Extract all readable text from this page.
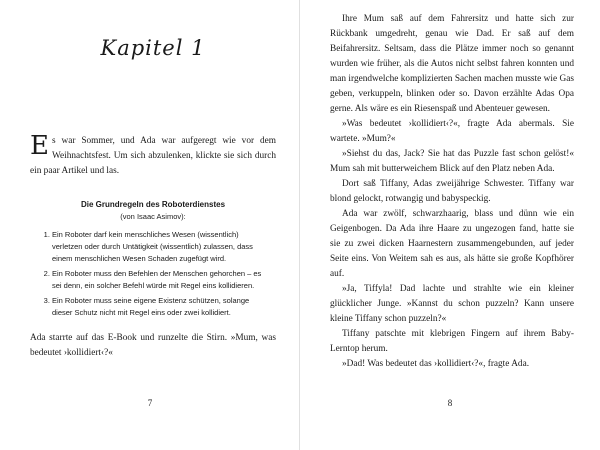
Kapitel 1

Es war Sommer, und Ada war aufgeregt wie vor dem Weihnachtsfest. Um sich abzulenken, klickte sie sich durch ein paar Artikel und las.

Die Grundregeln des Roboterdienstes
(von Isaac Asimov):
1. Ein Roboter darf kein menschliches Wesen (wissentlich) verletzen oder durch Untätigkeit (wissentlich) zulassen, dass einem menschlichen Wesen Schaden zugefügt wird.
2. Ein Roboter muss den Befehlen der Menschen gehorchen – es sei denn, ein solcher Befehl würde mit Regel eins kollidieren.
3. Ein Roboter muss seine eigene Existenz schützen, solange dieser Schutz nicht mit Regel eins oder zwei kollidiert.

Ada starrte auf das E-Book und runzelte die Stirn. »Mum, was bedeutet ›kollidiert‹?«

7

Ihre Mum saß auf dem Fahrersitz und hatte sich zur Rückbank umgedreht, genau wie Dad. Er saß auf dem Beifahrersitz. Seltsam, dass die Plätze immer noch so genannt wurden wie früher, als die Autos nicht selbst fahren konnten und man irgendwelche komplizierten Sachen machen musste wie Gas geben, verkuppeln, blinken oder so. Davon erzählte Adas Opa gerne. Als wäre es ein Riesenspaß und Abenteuer gewesen.

»Was bedeutet ›kollidiert‹?«, fragte Ada abermals. Sie wartete. »Mum?«

»Siehst du das, Jack? Sie hat das Puzzle fast schon gelöst!« Mum sah mit butterweichem Blick auf den Platz neben Ada.

Dort saß Tiffany, Adas zweijährige Schwester. Tiffany war blond gelockt, rotwangig und babyspeckig.

Ada war zwölf, schwarzhaarig, blass und dünn wie ein Geigenbogen. Da Ada ihre Haare zu ungezogen fand, hatte sie sie zu zwei dicken Haarnestern zusammengebunden, auf jeder Seite eins. Von Weitem sah es aus, als hätte sie große Kopfhörer auf.

»Ja, Tiffyla! Dad lachte und strahlte wie ein kleiner glücklicher Junge. »Kannst du schon puzzeln? Kann unsere kleine Tiffany schon puzzeln?«

Tiffany patschte mit klebrigen Fingern auf ihrem Baby-Lerntop herum.

»Dad! Was bedeutet das ›kollidiert‹?«, fragte Ada.

8
